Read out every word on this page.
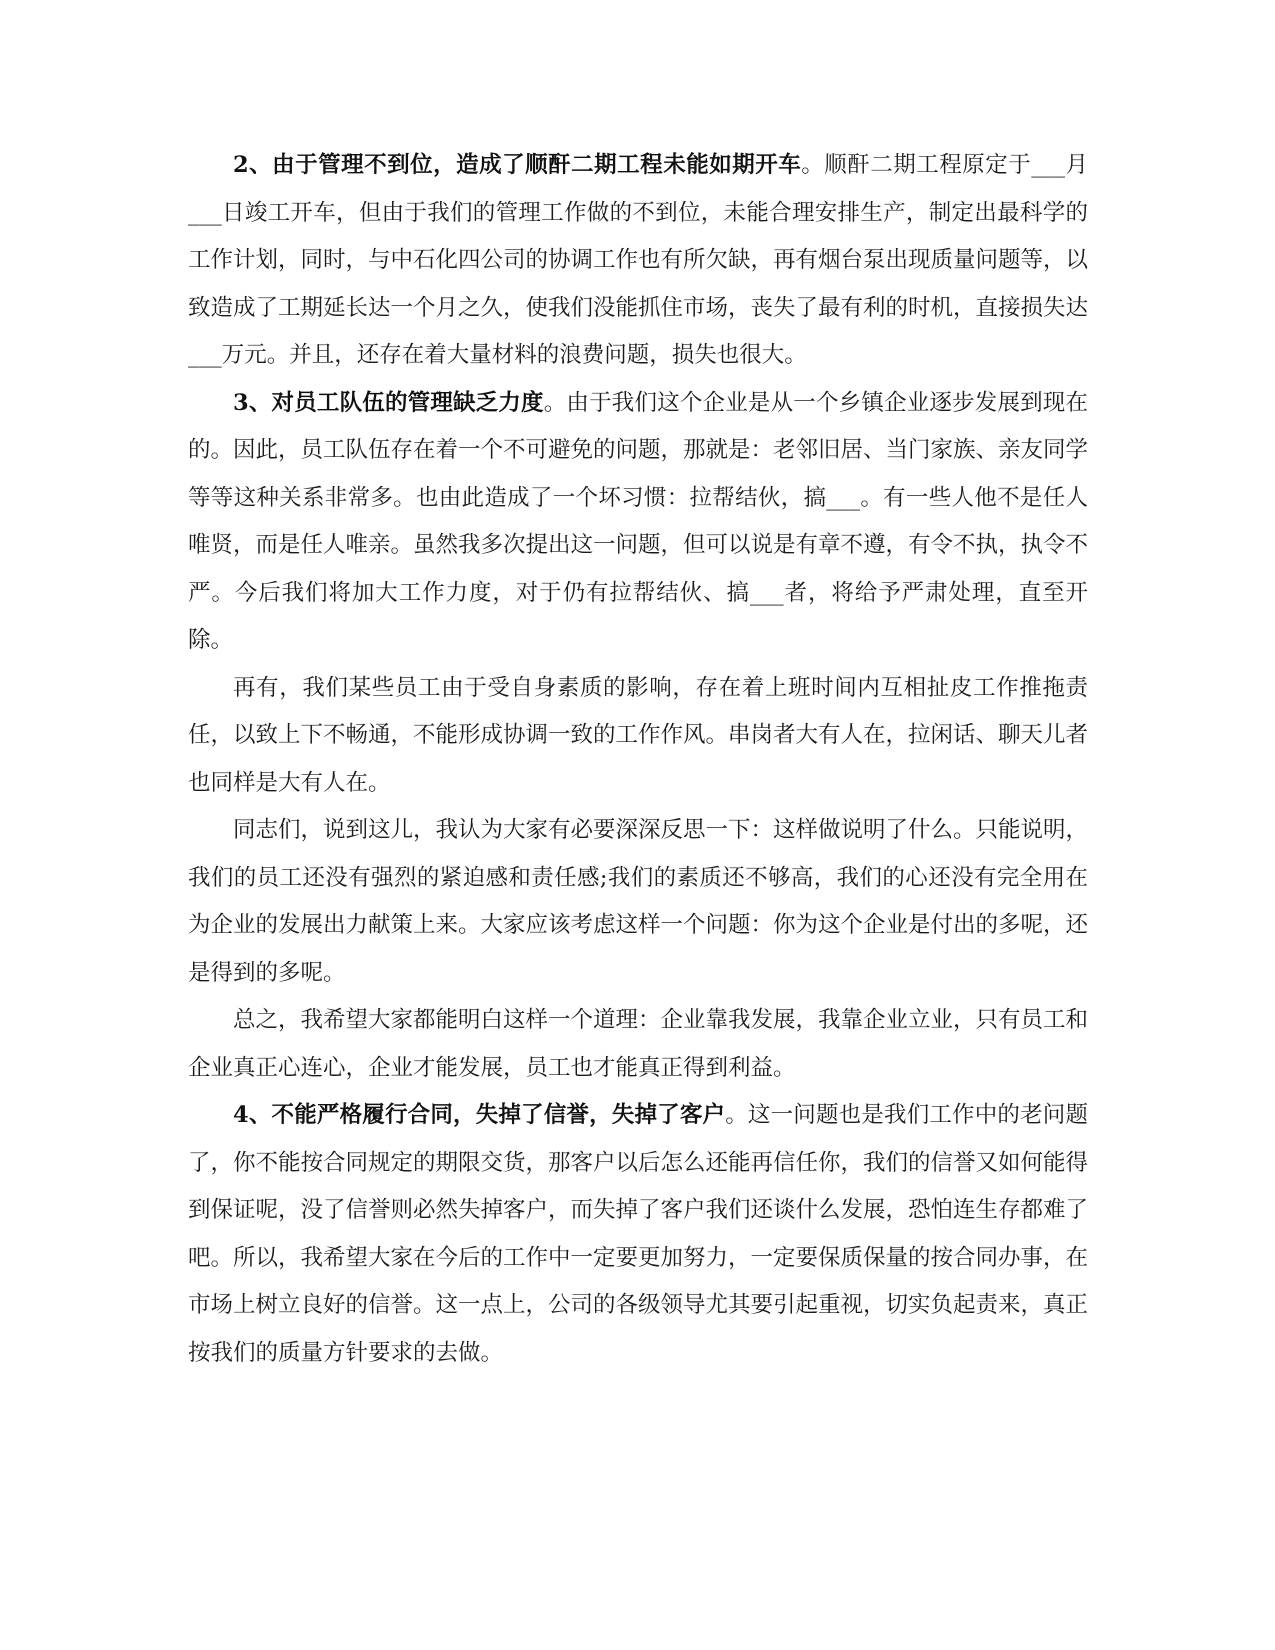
2、由于管理不到位，造成了顺酐二期工程未能如期开车。顺酐二期工程原定于___月___日竣工开车，但由于我们的管理工作做的不到位，未能合理安排生产，制定出最科学的工作计划，同时，与中石化四公司的协调工作也有所欠缺，再有烟台泵出现质量问题等，以致造成了工期延长达一个月之久，使我们没能抓住市场，丧失了最有利的时机，直接损失达___万元。并且，还存在着大量材料的浪费问题，损失也很大。

3、对员工队伍的管理缺乏力度。由于我们这个企业是从一个乡镇企业逐步发展到现在的。因此，员工队伍存在着一个不可避免的问题，那就是：老邻旧居、当门家族、亲友同学等等这种关系非常多。也由此造成了一个坏习惯：拉帮结伙，搞___。有一些人他不是任人唯贤，而是任人唯亲。虽然我多次提出这一问题，但可以说是有章不遵，有令不执，执令不严。今后我们将加大工作力度，对于仍有拉帮结伙、搞___者，将给予严肃处理，直至开除。

再有，我们某些员工由于受自身素质的影响，存在着上班时间内互相扯皮工作推拖责任，以致上下不畅通，不能形成协调一致的工作作风。串岗者大有人在，拉闲话、聊天儿者也同样是大有人在。

同志们，说到这儿，我认为大家有必要深深反思一下：这样做说明了什么。只能说明，我们的员工还没有强烈的紧迫感和责任感;我们的素质还不够高，我们的心还没有完全用在为企业的发展出力献策上来。大家应该考虑这样一个问题：你为这个企业是付出的多呢，还是得到的多呢。

总之，我希望大家都能明白这样一个道理：企业靠我发展，我靠企业立业，只有员工和企业真正心连心，企业才能发展，员工也才能真正得到利益。

4、不能严格履行合同，失掉了信誉，失掉了客户。这一问题也是我们工作中的老问题了，你不能按合同规定的期限交货，那客户以后怎么还能再信任你，我们的信誉又如何能得到保证呢，没了信誉则必然失掉客户，而失掉了客户我们还谈什么发展，恐怕连生存都难了吧。所以，我希望大家在今后的工作中一定要更加努力，一定要保质保量的按合同办事，在市场上树立良好的信誉。这一点上，公司的各级领导尤其要引起重视，切实负起责来，真正按我们的质量方针要求的去做。
